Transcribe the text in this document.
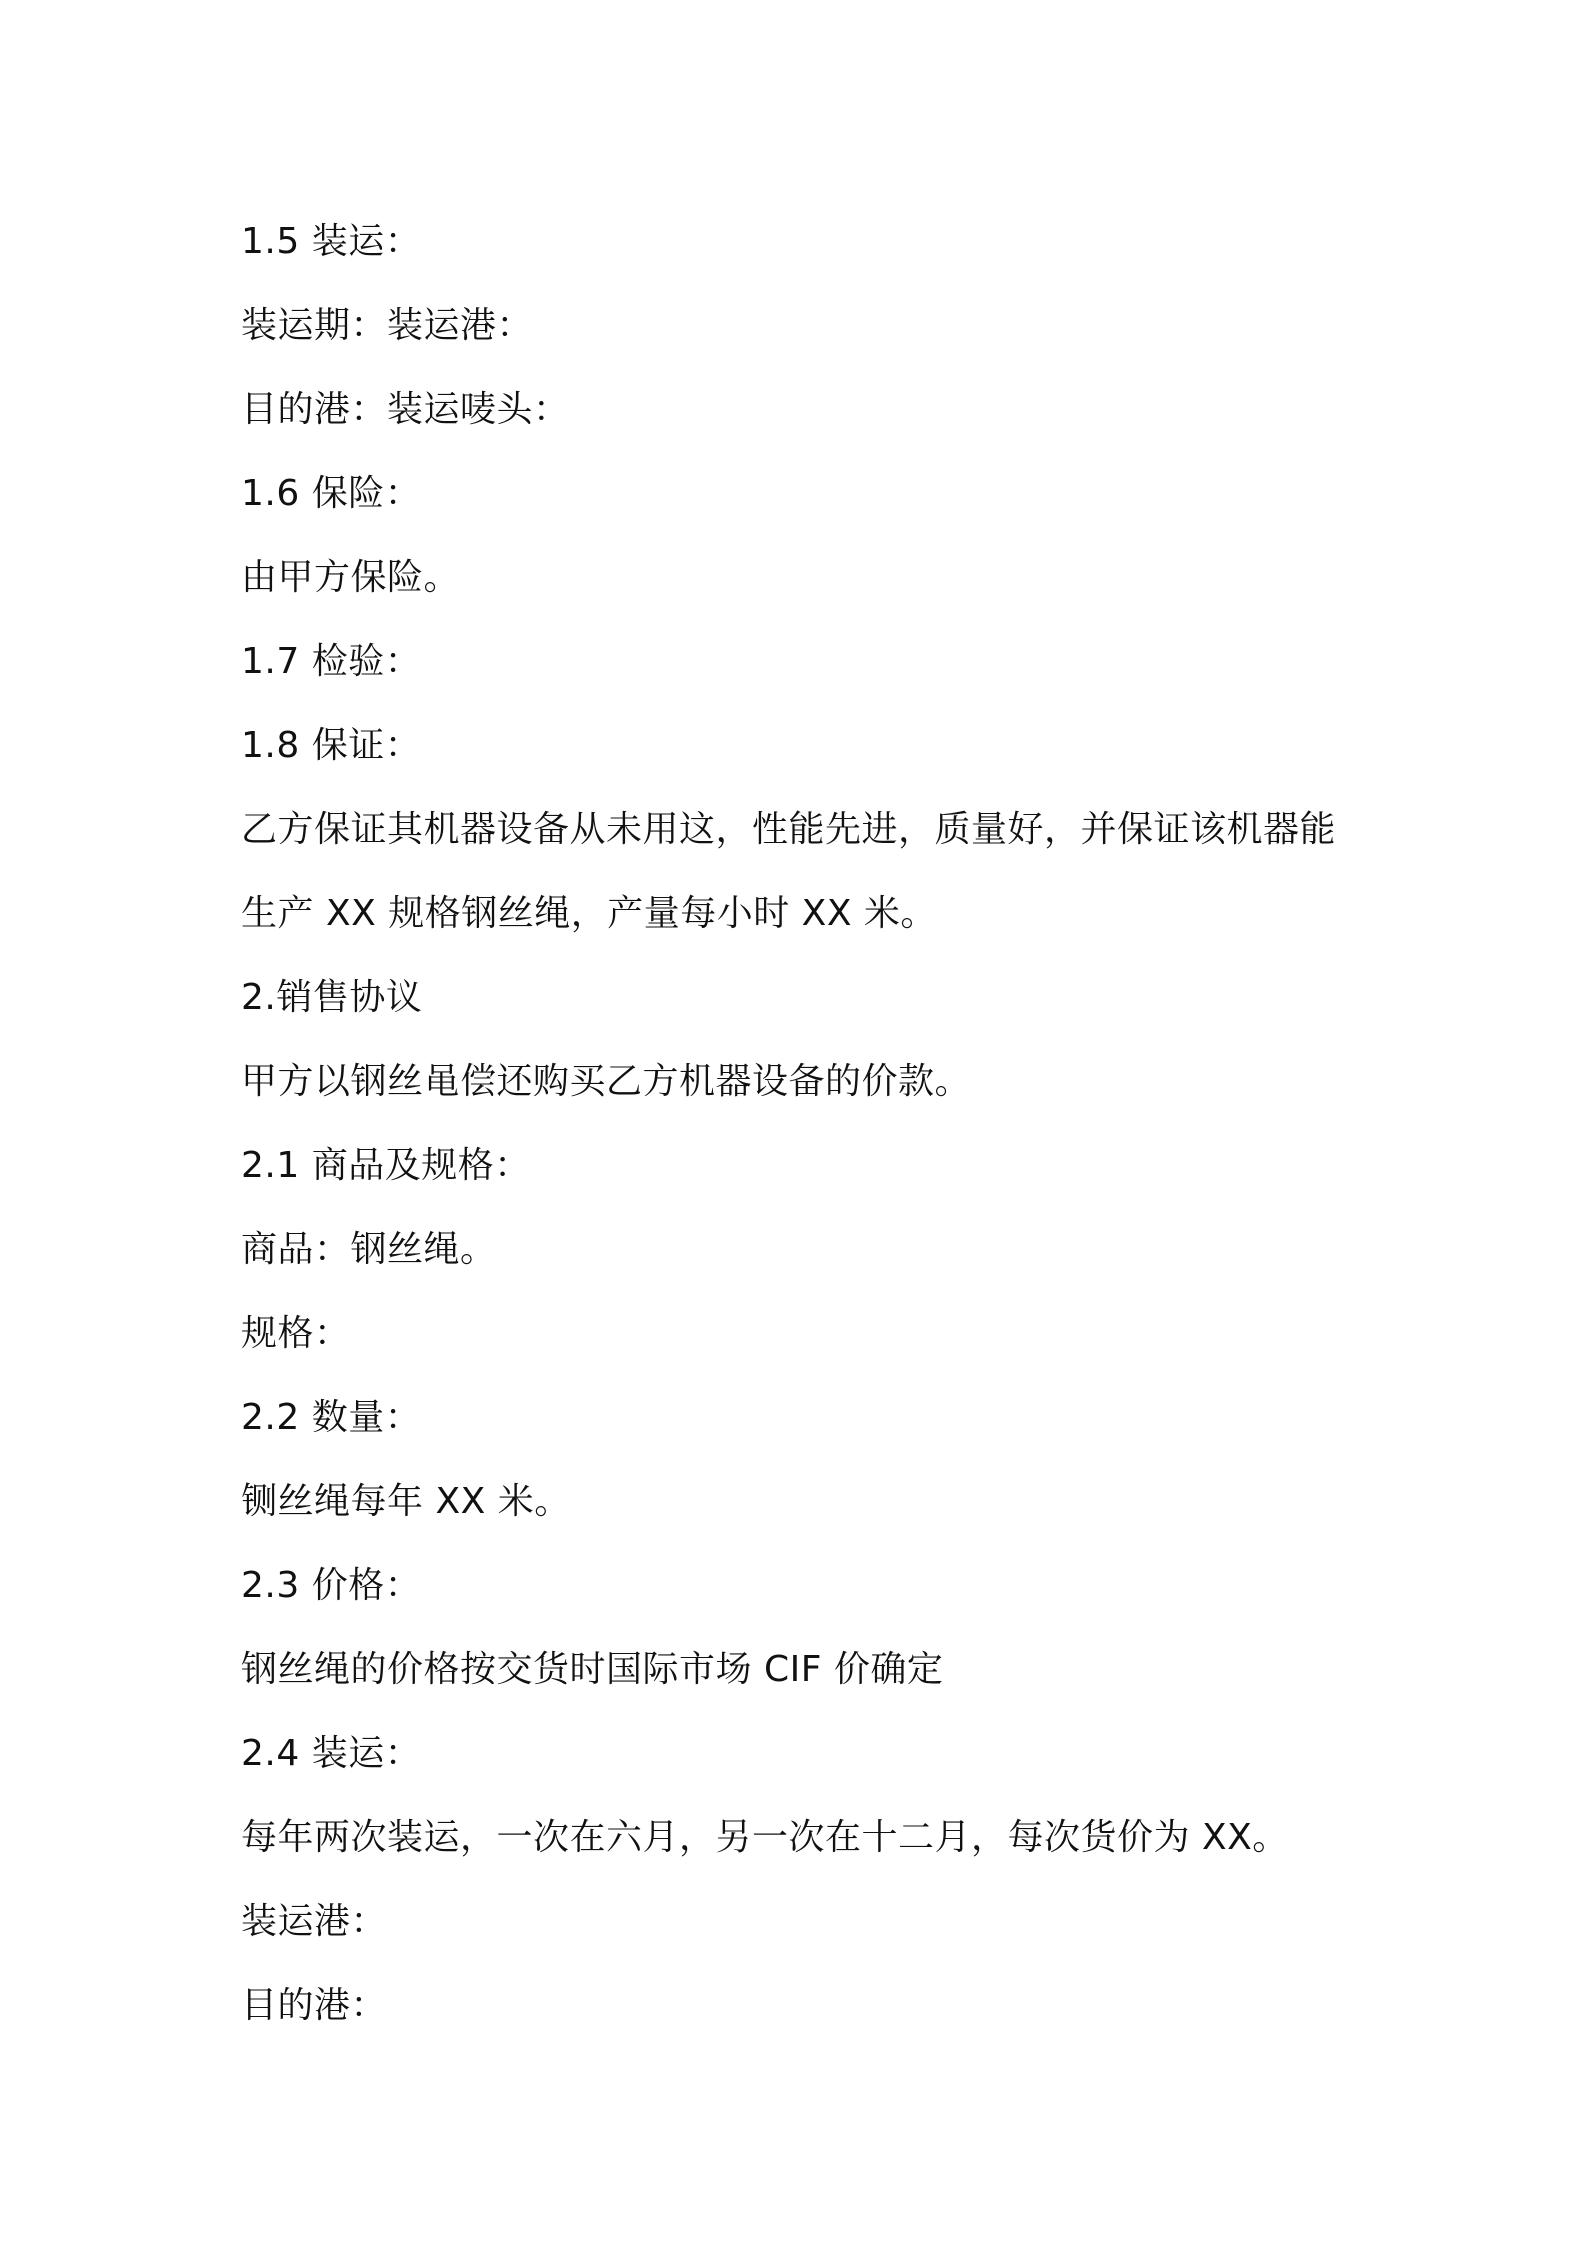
1.5 装运：
装运期：装运港：
目的港：装运唛头：
1.6 保险：
由甲方保险。
1.7 检验：
1.8 保证：
乙方保证其机器设备从未用这，性能先进，质量好，并保证该机器能
生产 XX 规格钢丝绳，产量每小时 XX 米。
2.销售协议
甲方以钢丝黾偿还购买乙方机器设备的价款。
2.1 商品及规格：
商品：钢丝绳。
规格：
2.2 数量：
铡丝绳每年 XX 米。
2.3 价格：
钢丝绳的价格按交货时国际市场 CIF 价确定
2.4 装运：
每年两次装运，一次在六月，另一次在十二月，每次货价为 XX。
装运港：
目的港：
